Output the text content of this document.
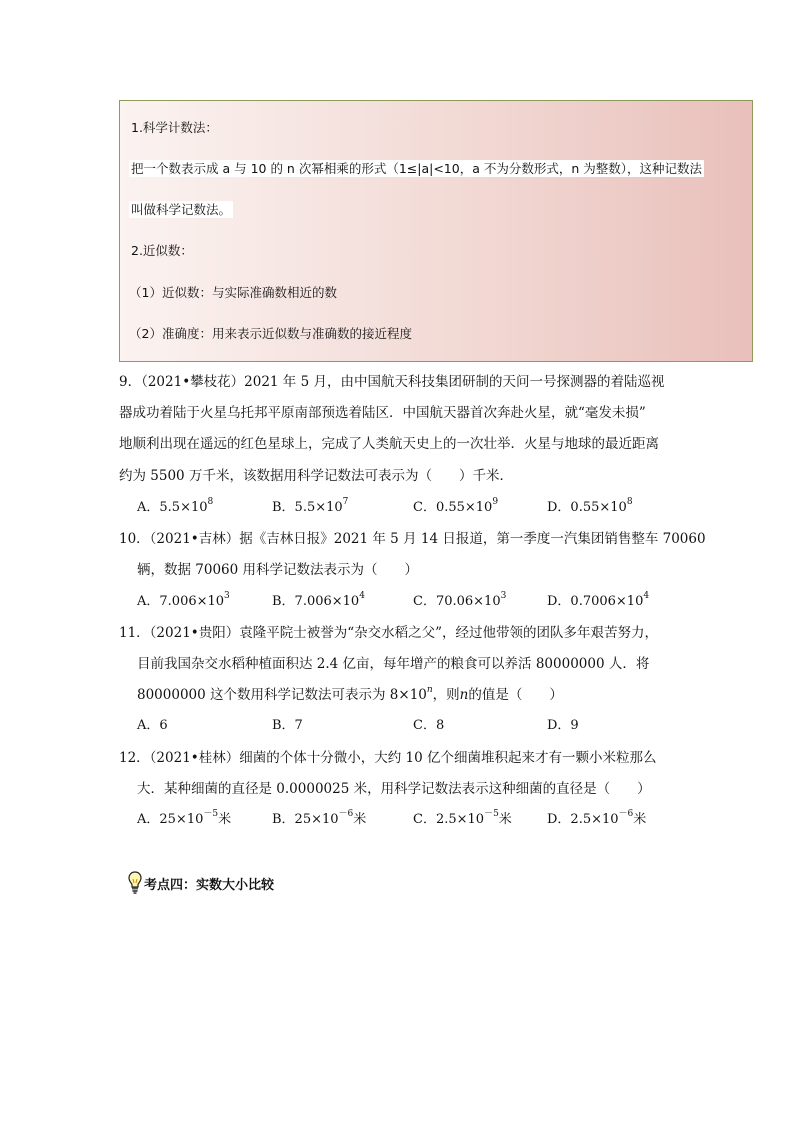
1.科学计数法：
把一个数表示成 a 与 10 的 n 次幂相乘的形式（1≤|a|<10，a 不为分数形式，n 为整数），这种记数法
叫做科学记数法。
2.近似数：
（1）近似数：与实际准确数相近的数
（2）准确度：用来表示近似数与准确数的接近程度
9．（2021•攀枝花）2021 年 5 月，由中国航天科技集团研制的天问一号探测器的着陆巡视
器成功着陆于火星乌托邦平原南部预选着陆区．中国航天器首次奔赴火星，就“毫发未损”
地顺利出现在遥远的红色星球上，完成了人类航天史上的一次壮举．火星与地球的最近距离
约为 5500 万千米，该数据用科学记数法可表示为（　　）千米．
A．$5.5\times 10^8$	B．$5.5\times 10^7$	C．$0.55\times 10^9$	D．$0.55\times 10^8$
10．（2021•吉林）据《吉林日报》2021 年 5 月 14 日报道，第一季度一汽集团销售整车 70060
辆，数据 70060 用科学记数法表示为（　　）
A．$7.006\times 10^3$	B．$7.006\times 10^4$	C．$70.06\times 10^3$	D．$0.7006\times 10^4$
11．（2021•贵阳）袁隆平院士被誉为“杂交水稻之父”，经过他带领的团队多年艰苦努力，
目前我国杂交水稻种植面积达 2.4 亿亩，每年增产的粮食可以养活 80000000 人．将
80000000 这个数用科学记数法可表示为 $8\times 10^n$，则n的值是（　　）
A．6	B．7	C．8	D．9
12．（2021•桂林）细菌的个体十分微小，大约 10 亿个细菌堆积起来才有一颗小米粒那么
大．某种细菌的直径是 0.0000025 米，用科学记数法表示这种细菌的直径是（　　）
A．$25\times 10^{-5}$米	B．$25\times 10^{-6}$米	C．$2.5\times 10^{-5}$米	D．$2.5\times 10^{-6}$米
考点四：实数大小比较
